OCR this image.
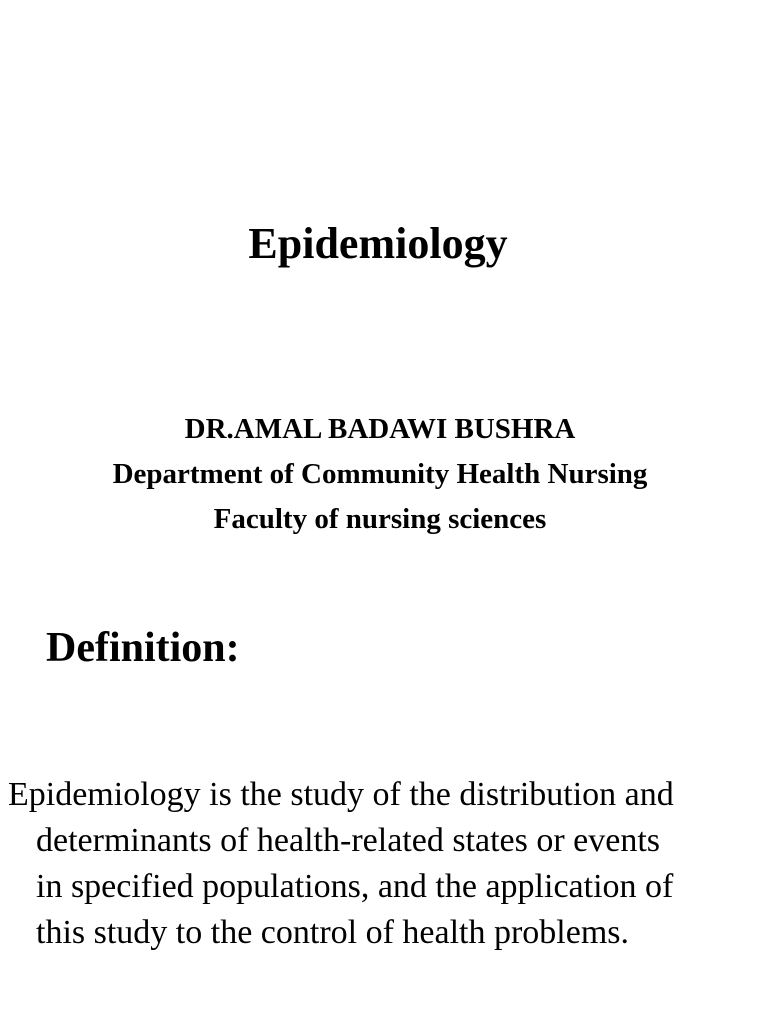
Epidemiology
DR.AMAL BADAWI BUSHRA
Department of Community Health Nursing
Faculty of nursing sciences
Definition:
Epidemiology is the study of the distribution and
determinants of health-related states or events
in specified populations, and the application of
this study to the control of health problems.
